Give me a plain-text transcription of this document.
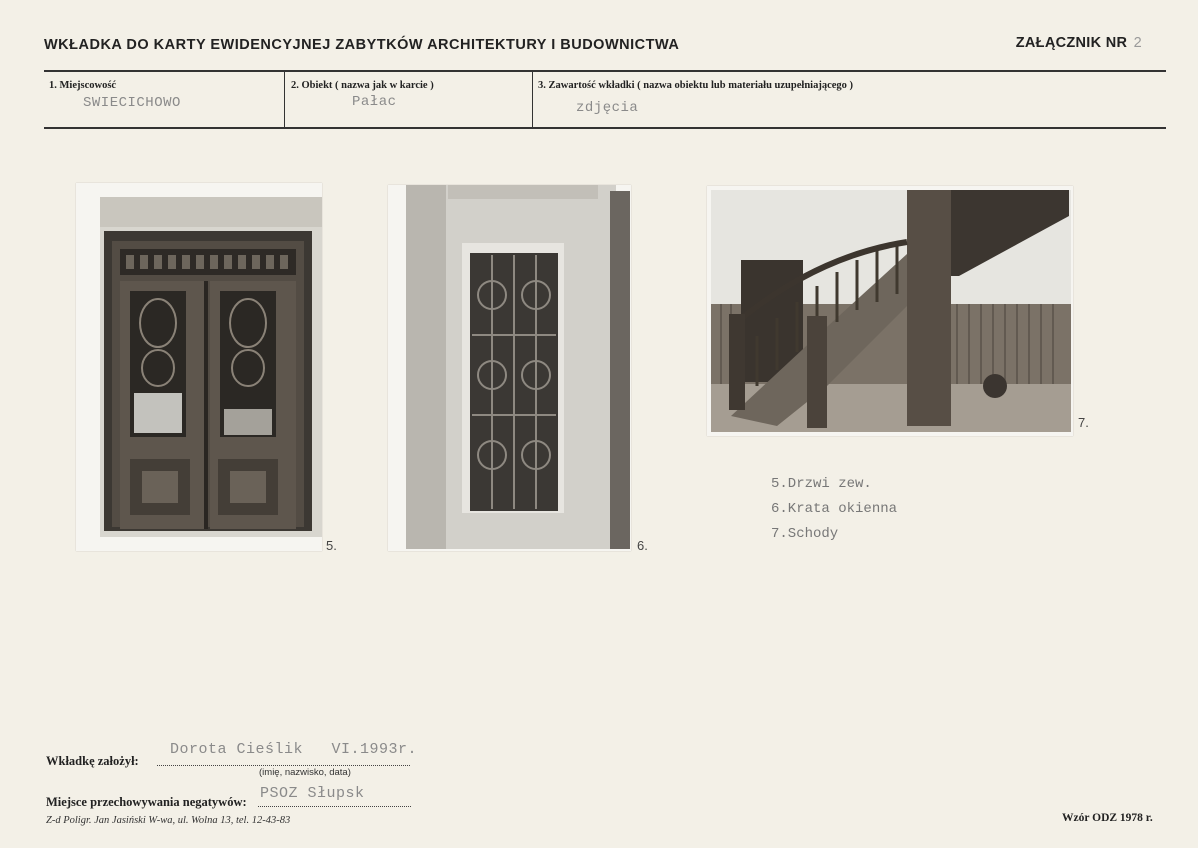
WKŁADKA DO KARTY EWIDENCYJNEJ ZABYTKÓW ARCHITEKTURY I BUDOWNICTWA	ZAŁĄCZNIK NR 2
1. Miejscowość
SWIECICHOWO
2. Obiekt ( nazwa jak w karcie )
Pałac
3. Zawartość wkładki ( nazwa obiektu lub materiału uzupełniającego )
zdjęcia
5.	6.
7.
5.Drzwi zew.
6.Krata okienna
7.Schody
Wkładkę założył:
Dorota Cieślik   VI.1993r.
(imię, nazwisko, data)
Miejsce przechowywania negatywów: PSOZ Słupsk
Z-d Poligr. Jan Jasiński W-wa, ul. Wolna 13, tel. 12-43-83	Wzór ODZ 1978 r.
